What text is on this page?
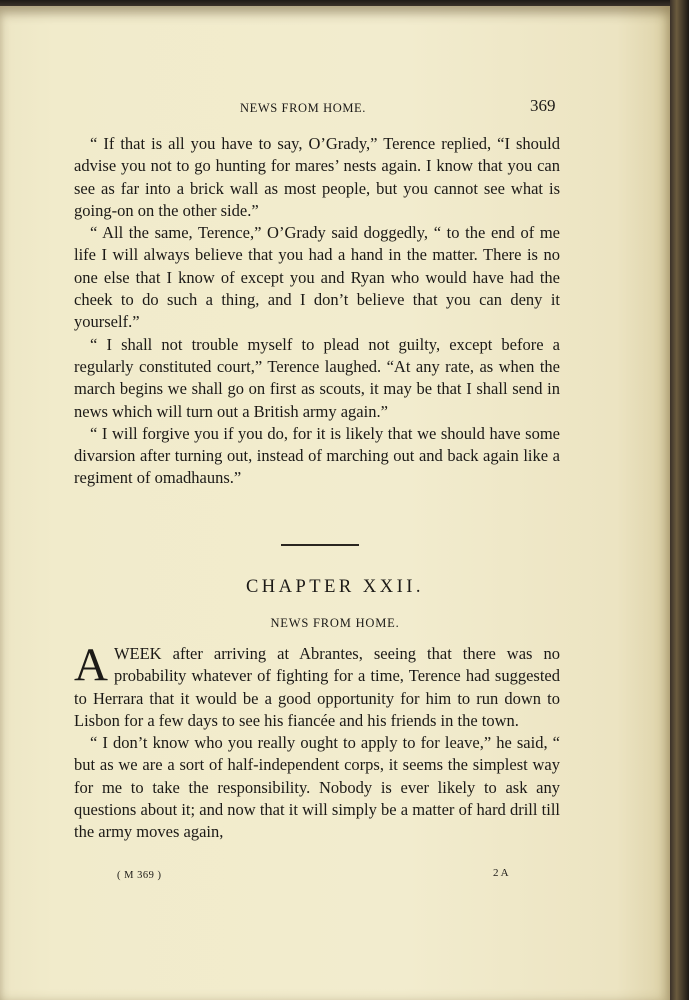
NEWS FROM HOME.	369

“ If that is all you have to say, O’Grady,” Terence replied, “I should advise you not to go hunting for mares’ nests again. I know that you can see as far into a brick wall as most people, but you cannot see what is going-on on the other side.”

“ All the same, Terence,” O’Grady said doggedly, “ to the end of me life I will always believe that you had a hand in the matter. There is no one else that I know of except you and Ryan who would have had the cheek to do such a thing, and I don’t believe that you can deny it yourself.”

“ I shall not trouble myself to plead not guilty, except before a regularly constituted court,” Terence laughed. “At any rate, as when the march begins we shall go on first as scouts, it may be that I shall send in news which will turn out a British army again.”

“ I will forgive you if you do, for it is likely that we should have some divarsion after turning out, instead of marching out and back again like a regiment of omadhauns.”

CHAPTER XXII.
NEWS FROM HOME.

AWEEK after arriving at Abrantes, seeing that there was no probability whatever of fighting for a time, Terence had suggested to Herrara that it would be a good opportunity for him to run down to Lisbon for a few days to see his fiancée and his friends in the town.

“ I don’t know who you really ought to apply to for leave,” he said, “ but as we are a sort of half-independent corps, it seems the simplest way for me to take the responsibility. Nobody is ever likely to ask any questions about it; and now that it will simply be a matter of hard drill till the army moves again,

( M 369 )	2 A
